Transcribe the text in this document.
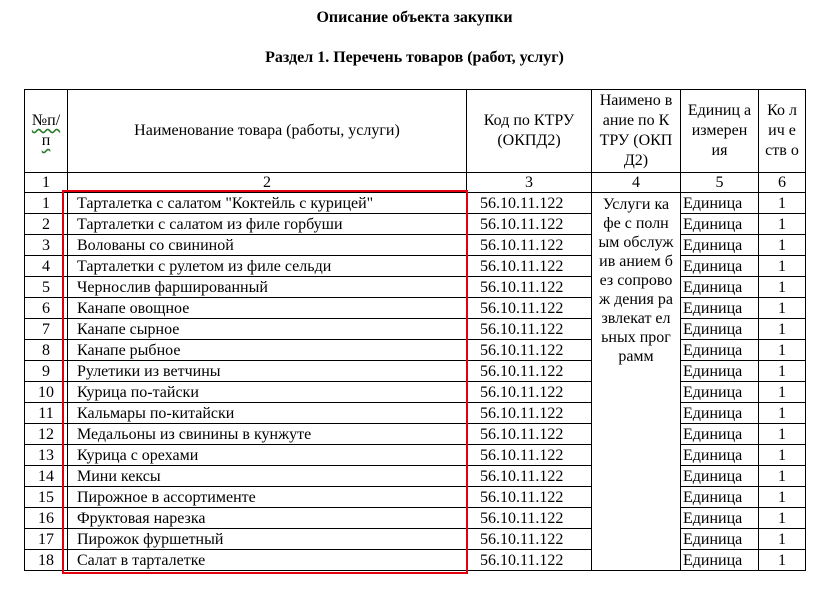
Описание объекта закупки
Раздел 1. Перечень товаров (работ, услуг)
№п/п	Наименование товара (работы, услуги)	Код по КТРУ (ОКПД2)	Наимено вание по КТРУ (ОКПД2)	Единиц а измерен ия	Ко лич еств о
1	2	3	4	5	6
1	Тарталетка с салатом "Коктейль с курицей"	56.10.11.122	Услуги кафе с полным обслужив анием без сопровож дения развлекат ельных программ	Единица	1
2	Тарталетки с салатом из филе горбуши	56.10.11.122		Единица	1
3	Волованы со свининой	56.10.11.122		Единица	1
4	Тарталетки с рулетом из филе сельди	56.10.11.122		Единица	1
5	Чернослив фаршированный	56.10.11.122		Единица	1
6	Канапе овощное	56.10.11.122		Единица	1
7	Канапе сырное	56.10.11.122		Единица	1
8	Канапе рыбное	56.10.11.122		Единица	1
9	Рулетики из ветчины	56.10.11.122		Единица	1
10	Курица по-тайски	56.10.11.122		Единица	1
11	Кальмары по-китайски	56.10.11.122		Единица	1
12	Медальоны из свинины в кунжуте	56.10.11.122		Единица	1
13	Курица с орехами	56.10.11.122		Единица	1
14	Мини кексы	56.10.11.122		Единица	1
15	Пирожное в ассортименте	56.10.11.122		Единица	1
16	Фруктовая нарезка	56.10.11.122		Единица	1
17	Пирожок фуршетный	56.10.11.122		Единица	1
18	Салат в тарталетке	56.10.11.122		Единица	1
